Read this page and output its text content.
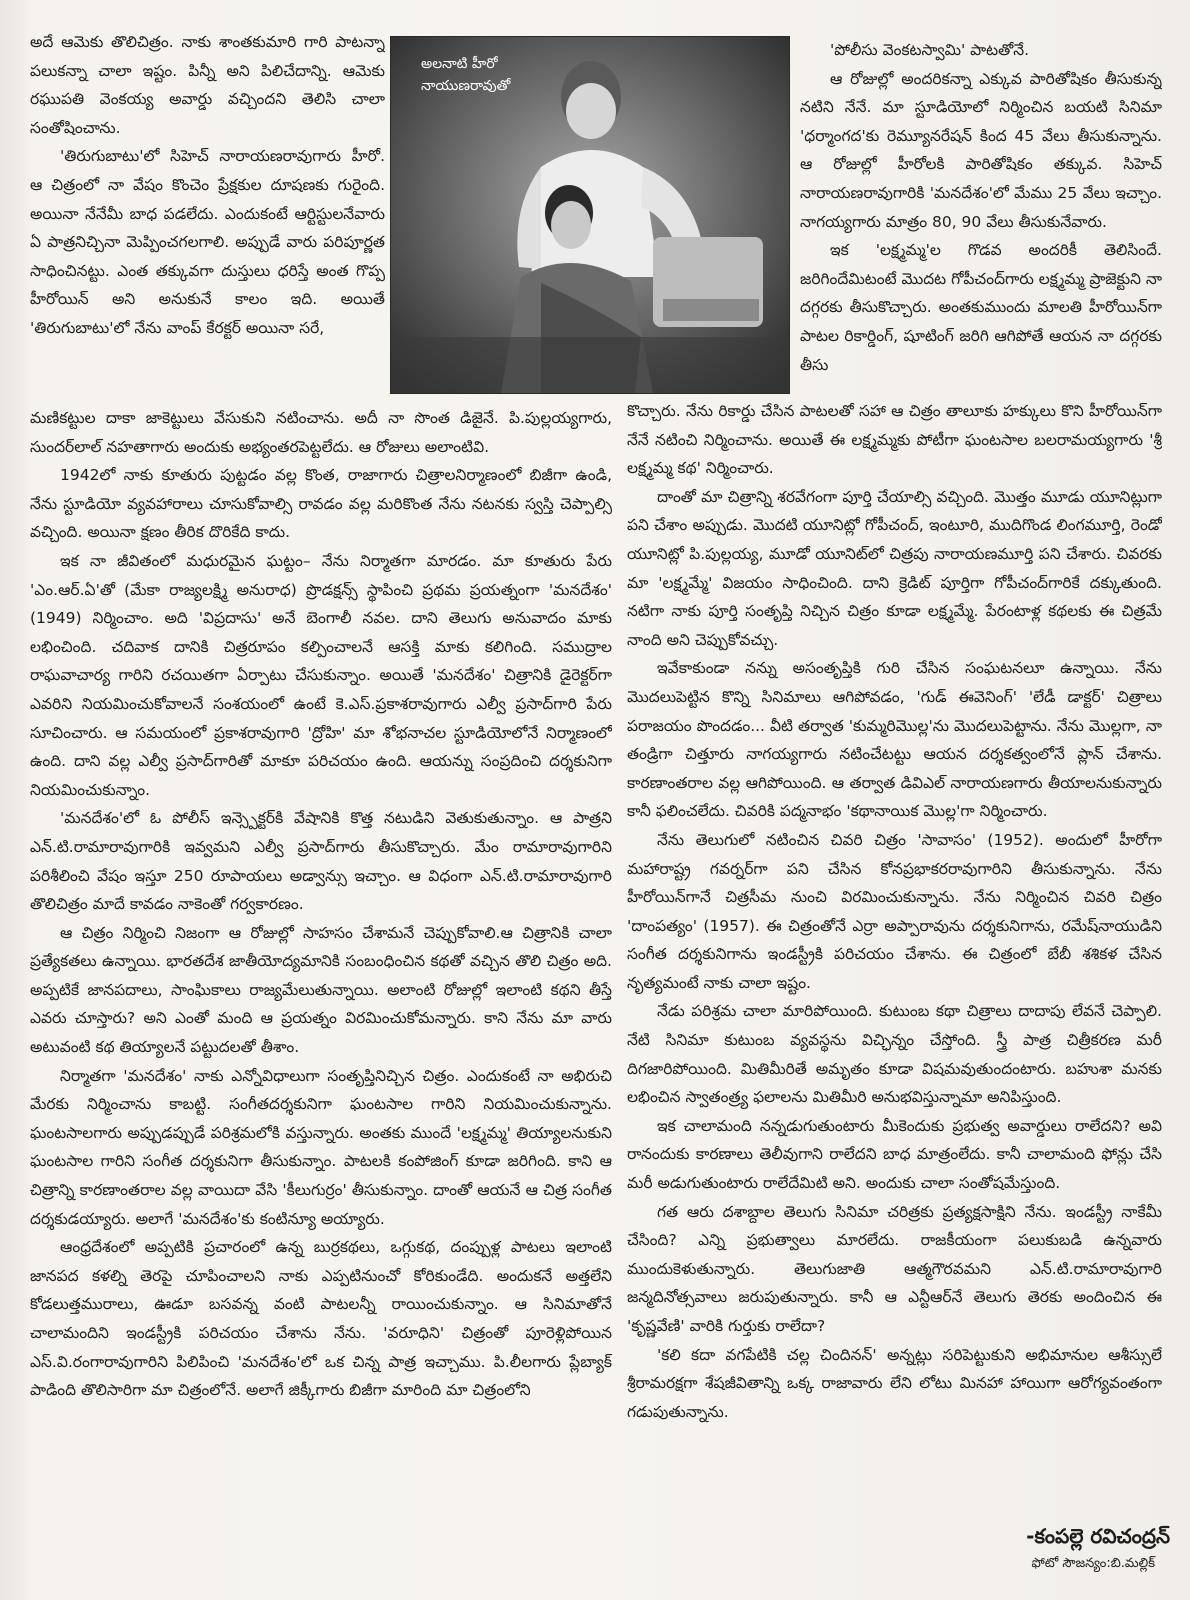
అదే ఆమెకు తొలిచిత్రం. నాకు శాంతకుమారి గారి పాటన్నా పలుకన్నా చాలా ఇష్టం. పిన్నీ అని పిలిచేదాన్ని. ఆమెకు రఘుపతి వెంకయ్య అవార్డు వచ్చిందని తెలిసి చాలా సంతోషించాను.

'తిరుగుబాటు'లో సిహెచ్ నారాయణరావుగారు హీరో. ఆ చిత్రంలో నా వేషం కొంచెం ప్రేక్షకుల దూషణకు గురైంది. అయినా నేనేమీ బాధ పడలేదు. ఎందుకంటే ఆర్టిస్టులనేవారు ఏ పాత్రనిచ్చినా మెప్పించగలగాలి. అప్పుడే వారు పరిపూర్ణత సాధించినట్టు. ఎంత తక్కువగా దుస్తులు ధరిస్తే అంత గొప్ప హీరోయిన్ అని అనుకునే కాలం ఇది. అయితే 'తిరుగుబాటు'లో నేను వాంప్ కేరక్టర్ అయినా సరే,

అలనాటి హీరో
నాయుణరావుతో

మణికట్టుల దాకా జాకెట్టులు వేసుకుని నటించాను. అదీ నా సొంత డిజైనే. పి.పుల్లయ్యగారు, సుందర్‌లాల్ నహతాగారు అందుకు అభ్యంతరపెట్టలేదు. ఆ రోజులు అలాంటివి.

1942లో నాకు కూతురు పుట్టడం వల్ల కొంత, రాజాగారు చిత్రాలనిర్మాణంలో బిజీగా ఉండి, నేను స్టూడియో వ్యవహారాలు చూసుకోవాల్సి రావడం వల్ల మరికొంత నేను నటనకు స్వస్తి చెప్పాల్సి వచ్చింది. అయినా క్షణం తీరిక దొరికేది కాదు.

ఇక నా జీవితంలో మధురమైన ఘట్టం– నేను నిర్మాతగా మారడం. మా కూతురు పేరు 'ఎం.ఆర్.ఏ'తో (మేకా రాజ్యలక్ష్మి అనురాధ) ప్రొడక్షన్స్ స్థాపించి ప్రథమ ప్రయత్నంగా 'మనదేశం' (1949) నిర్మించాం. అది 'విప్రదాసు' అనే బెంగాలీ నవల. దాని తెలుగు అనువాదం మాకు లభించింది. చదివాక దానికి చిత్రరూపం కల్పించాలనే ఆసక్తి మాకు కలిగింది. సముద్రాల రాఘవాచార్య గారిని రచయితగా ఏర్పాటు చేసుకున్నాం. అయితే 'మనదేశం' చిత్రానికి డైరెక్టర్‌గా ఎవరిని నియమించుకోవాలనే సంశయంలో ఉంటే కె.ఎస్.ప్రకాశరావుగారు ఎల్వీ ప్రసాద్‌గారి పేరు సూచించారు. ఆ సమయంలో ప్రకాశరావుగారి 'ద్రోహి' మా శోభనాచల స్టూడియోలోనే నిర్మాణంలో ఉంది. దాని వల్ల ఎల్వీ ప్రసాద్‌గారితో మాకూ పరిచయం ఉంది. ఆయన్ను సంప్రదించి దర్శకునిగా నియమించుకున్నాం.

'మనదేశం'లో ఓ పోలీస్ ఇన్స్పెక్టర్‌కి వేషానికి కొత్త నటుడిని వెతుకుతున్నాం. ఆ పాత్రని ఎన్.టి.రామారావుగారికి ఇవ్వమని ఎల్వీ ప్రసాద్‌గారు తీసుకొచ్చారు. మేం రామారావుగారిని పరిశీలించి వేషం ఇస్తూ 250 రూపాయలు అడ్వాన్సు ఇచ్చాం. ఆ విధంగా ఎన్.టి.రామారావుగారి తొలిచిత్రం మాదే కావడం నాకెంతో గర్వకారణం.

ఆ చిత్రం నిర్మించి నిజంగా ఆ రోజుల్లో సాహసం చేశామనే చెప్పుకోవాలి.ఆ చిత్రానికి చాలా ప్రత్యేకతలు ఉన్నాయి. భారతదేశ జాతీయోద్యమానికి సంబంధించిన కథతో వచ్చిన తొలి చిత్రం అది. అప్పటికే జానపదాలు, సాంఘికాలు రాజ్యమేలుతున్నాయి. అలాంటి రోజుల్లో ఇలాంటి కథని తీస్తే ఎవరు చూస్తారు? అని ఎంతో మంది ఆ ప్రయత్నం విరమించుకోమన్నారు. కాని నేను మా వారు అటువంటి కథ తియ్యాలనే పట్టుదలతో తీశాం.

నిర్మాతగా 'మనదేశం' నాకు ఎన్నోవిధాలుగా సంతృప్తినిచ్చిన చిత్రం. ఎందుకంటే నా అభిరుచి మేరకు నిర్మించాను కాబట్టి. సంగీతదర్శకునిగా ఘంటసాల గారిని నియమించుకున్నాను. ఘంటసాలగారు అప్పుడప్పుడే పరిశ్రమలోకి వస్తున్నారు. అంతకు ముందే 'లక్ష్మమ్మ' తియ్యాలనుకుని ఘంటసాల గారిని సంగీత దర్శకునిగా తీసుకున్నాం. పాటలకి కంపోజింగ్ కూడా జరిగింది. కాని ఆ చిత్రాన్ని కారణాంతరాల వల్ల వాయిదా వేసి 'కీలుగుర్రం' తీసుకున్నాం. దాంతో ఆయనే ఆ చిత్ర సంగీత దర్శకుడయ్యారు. అలాగే 'మనదేశం'కు కంటిన్యూ అయ్యారు.

ఆంధ్రదేశంలో అప్పటికి ప్రచారంలో ఉన్న బుర్రకథలు, ఒగ్గుకథ, దంప్పుళ్ల పాటలు ఇలాంటి జానపద కళల్ని తెరపై చూపించాలని నాకు ఎప్పటినుంచో కోరికుండేది. అందుకనే అత్తలేని కోడలుత్తమురాలు, ఊడూ బసవన్న వంటి పాటలన్నీ రాయించుకున్నాం. ఆ సినిమాతోనే చాలామందిని ఇండస్ట్రీకి పరిచయం చేశాను నేను. 'వరూధిని' చిత్రంతో పూరెళ్లిపోయిన ఎస్.వి.రంగారావుగారిని పిలిపించి 'మనదేశం'లో ఒక చిన్న పాత్ర ఇచ్చాము. పి.లీలగారు ప్లేబ్యాక్ పాడింది తొలిసారిగా మా చిత్రంలోనే. అలాగే జిక్కీగారు బిజీగా మారింది మా చిత్రంలోని

'పోలీసు వెంకటస్వామి' పాటతోనే.

ఆ రోజుల్లో అందరికన్నా ఎక్కువ పారితోషికం తీసుకున్న నటిని నేనే. మా స్టూడియోలో నిర్మించిన బయటి సినిమా 'ధర్మాంగద'కు రెమ్యూనరేషన్ కింద 45 వేలు తీసుకున్నాను. ఆ రోజుల్లో హీరోలకి పారితోషికం తక్కువ. సిహెచ్ నారాయణరావుగారికి 'మనదేశం'లో మేము 25 వేలు ఇచ్చాం. నాగయ్యగారు మాత్రం 80, 90 వేలు తీసుకునేవారు.

ఇక 'లక్ష్మమ్మ'ల గొడవ అందరికీ తెలిసిందే. జరిగిందేమిటంటే మొదట గోపీచంద్‌గారు లక్ష్మమ్మ ప్రాజెక్టుని నా దగ్గరకు తీసుకొచ్చారు. అంతకుముందు మాలతి హీరోయిన్‌గా పాటల రికార్డింగ్, షూటింగ్ జరిగి ఆగిపోతే ఆయన నా దగ్గరకు తీసు

కొచ్చారు. నేను రికార్డు చేసిన పాటలతో సహా ఆ చిత్రం తాలూకు హక్కులు కొని హీరోయిన్‌గా నేనే నటించి నిర్మించాను. అయితే ఈ లక్ష్మమ్మకు పోటీగా ఘంటసాల బలరామయ్యగారు 'శ్రీ లక్ష్మమ్మ కథ' నిర్మించారు.

దాంతో మా చిత్రాన్ని శరవేగంగా పూర్తి చేయాల్సి వచ్చింది. మొత్తం మూడు యూనిట్లుగా పని చేశాం అప్పుడు. మొదటి యూనిట్లో గోపీచంద్, ఇంటూరి, ముదిగొండ లింగమూర్తి, రెండో యూనిట్లో పి.పుల్లయ్య, మూడో యూనిట్‌లో చిత్రపు నారాయణమూర్తి పని చేశారు. చివరకు మా 'లక్ష్మమ్మే' విజయం సాధించింది. దాని క్రెడిట్ పూర్తిగా గోపీచంద్‌గారికే దక్కుతుంది. నటిగా నాకు పూర్తి సంతృప్తి నిచ్చిన చిత్రం కూడా లక్ష్మమ్మే. పేరంటాళ్ల కథలకు ఈ చిత్రమే నాంది అని చెప్పుకోవచ్చు.

ఇవేకాకుండా నన్ను అసంతృప్తికి గురి చేసిన సంఘటనలూ ఉన్నాయి. నేను మొదలుపెట్టిన కొన్ని సినిమాలు ఆగిపోవడం, 'గుడ్ ఈవెనింగ్' 'లేడీ డాక్టర్' చిత్రాలు పరాజయం పొందడం... వీటి తర్వాత 'కుమ్మరిమొల్ల'ను మొదలుపెట్టాను. నేను మొల్లగా, నా తండ్రిగా చిత్తూరు నాగయ్యగారు నటించేటట్టు ఆయన దర్శకత్వంలోనే ప్లాన్ చేశాను. కారణాంతరాల వల్ల ఆగిపోయింది. ఆ తర్వాత డివిఎల్ నారాయణగారు తీయాలనుకున్నారు కానీ ఫలించలేదు. చివరికి పద్మనాభం 'కథానాయిక మొల్ల'గా నిర్మించారు.

నేను తెలుగులో నటించిన చివరి చిత్రం 'సావాసం' (1952). అందులో హీరోగా మహారాష్ట్ర గవర్నర్‌గా పని చేసిన కోనప్రభాకరరావుగారిని తీసుకున్నాను. నేను హీరోయిన్‌గానే చిత్రసీమ నుంచి విరమించుకున్నాను. నేను నిర్మించిన చివరి చిత్రం 'దాంపత్యం' (1957). ఈ చిత్రంతోనే ఎర్రా అప్పారావును దర్శకునిగాను, రమేష్‌నాయుడిని సంగీత దర్శకునిగాను ఇండస్ట్రీకి పరిచయం చేశాను. ఈ చిత్రంలో బేబీ శశికళ చేసిన నృత్యమంటే నాకు చాలా ఇష్టం.

నేడు పరిశ్రమ చాలా మారిపోయింది. కుటుంబ కథా చిత్రాలు దాదాపు లేవనే చెప్పాలి. నేటి సినిమా కుటుంబ వ్యవస్థను విచ్ఛిన్నం చేస్తోంది. స్త్రీ పాత్ర చిత్రీకరణ మరీ దిగజారిపోయింది. మితిమీరితే అమృతం కూడా విషమవుతుందంటారు. బహుశా మనకు లభించిన స్వాతంత్ర్య ఫలాలను మితిమీరి అనుభవిస్తున్నామా అనిపిస్తుంది.

ఇక చాలామంది నన్నడుగుతుంటారు మీకెందుకు ప్రభుత్వ అవార్డులు రాలేదని? అవి రానందుకు కారణాలు తెలీవుగాని రాలేదని బాధ మాత్రంలేదు. కానీ చాలామంది ఫోన్లు చేసి మరీ అడుగుతుంటారు రాలేదేమిటి అని. అందుకు చాలా సంతోషమేస్తుంది.

గత ఆరు దశాబ్దాల తెలుగు సినిమా చరిత్రకు ప్రత్యక్షసాక్షిని నేను. ఇండస్ట్రీ నాకేమీ చేసింది? ఎన్ని ప్రభుత్వాలు మారలేదు. రాజకీయంగా పలుకుబడి ఉన్నవారు ముందుకెళుతున్నారు. తెలుగుజాతి ఆత్మగౌరవమని ఎన్.టి.రామారావుగారి జన్మదినోత్సవాలు జరుపుతున్నారు. కానీ ఆ ఎన్టీఆర్‌నే తెలుగు తెరకు అందించిన ఈ 'కృష్ణవేణి' వారికి గుర్తుకు రాలేదా?

'కలి కదా వగపేటికి చల్ల చిందినన్' అన్నట్లు సరిపెట్టుకుని అభిమానుల ఆశీస్సులే శ్రీరామరక్షగా శేషజీవితాన్ని ఒక్క రాజావారు లేని లోటు మినహా హాయిగా ఆరోగ్యవంతంగా గడుపుతున్నాను.

-కంపల్లె రవిచంద్రన్
ఫోటో సౌజన్యం:బి.మల్లిక్
